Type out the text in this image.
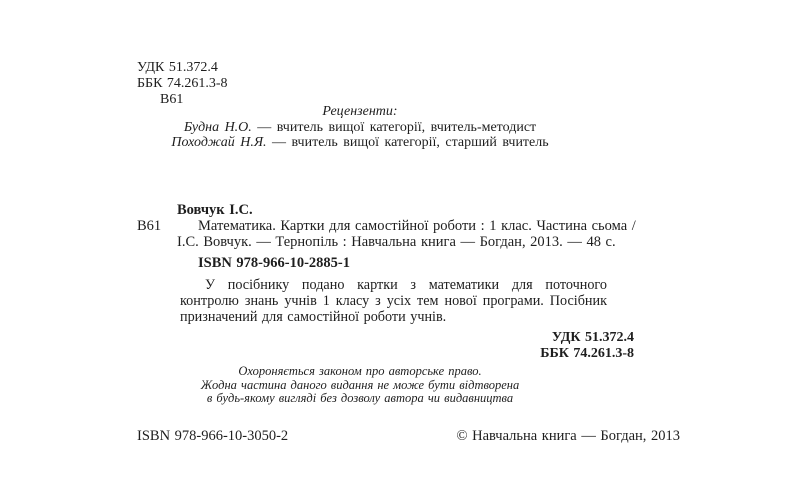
УДК 51.372.4
ББК 74.261.3-8
В61
Рецензенти:
Будна Н.О. — вчитель вищої категорії, вчитель-методист
Походжай Н.Я. — вчитель вищої категорії, старший вчитель
В61
Вовчук І.С.
Математика. Картки для самостійної роботи : 1 клас. Частина сьома /
І.С. Вовчук. — Тернопіль : Навчальна книга — Богдан, 2013. — 48 с.
ISBN 978-966-10-2885-1
У посібнику подано картки з математики для поточного контролю знань учнів 1 класу з усіх тем нової програми. Посібник призначений для самостійної роботи учнів.
УДК 51.372.4
ББК 74.261.3-8
Охороняється законом про авторське право.
Жодна частина даного видання не може бути відтворена
в будь-якому вигляді без дозволу автора чи видавництва
ISBN 978-966-10-3050-2	© Навчальна книга — Богдан, 2013
